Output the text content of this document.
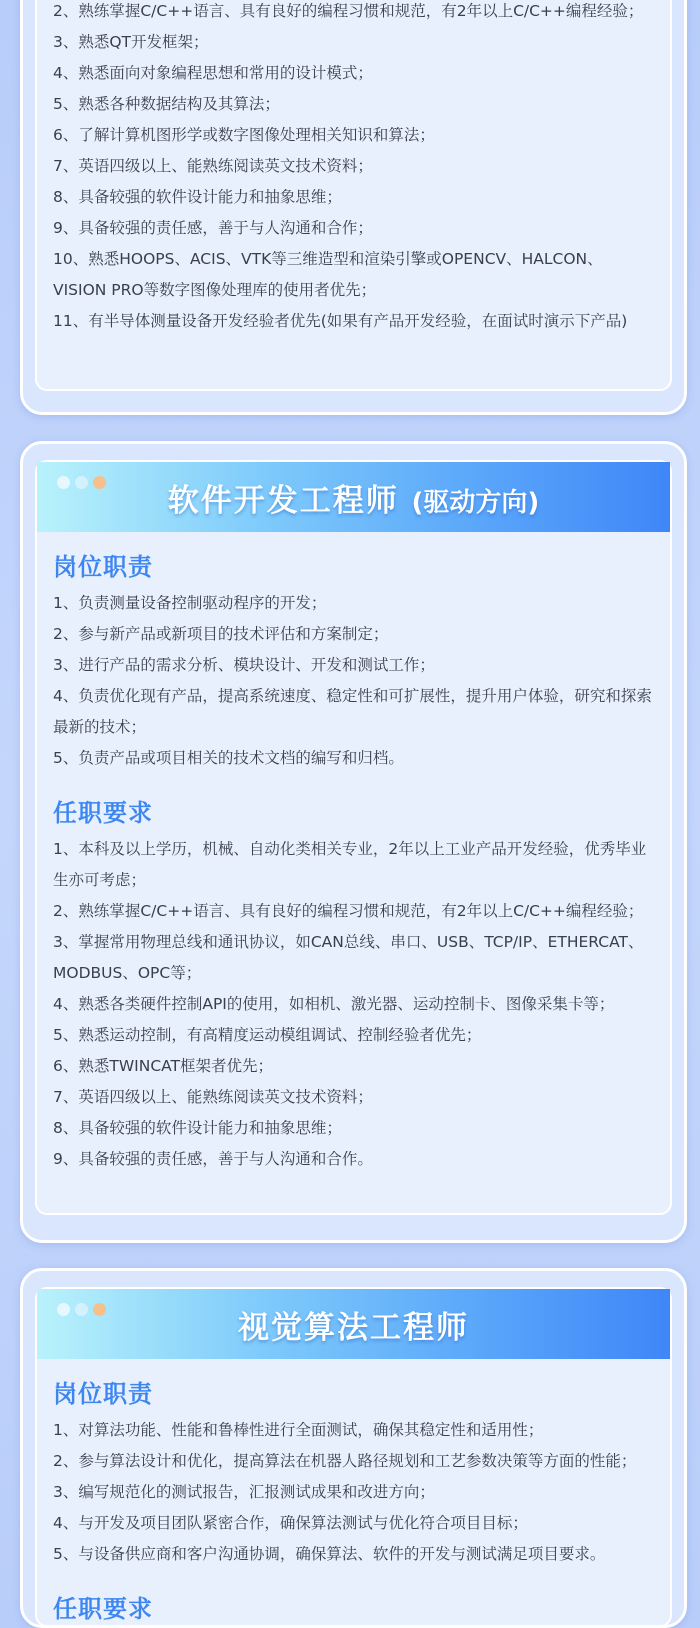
2、熟练掌握C/C++语言、具有良好的编程习惯和规范，有2年以上C/C++编程经验；
3、熟悉QT开发框架；
4、熟悉面向对象编程思想和常用的设计模式；
5、熟悉各种数据结构及其算法；
6、了解计算机图形学或数字图像处理相关知识和算法；
7、英语四级以上、能熟练阅读英文技术资料；
8、具备较强的软件设计能力和抽象思维；
9、具备较强的责任感，善于与人沟通和合作；
10、熟悉HOOPS、ACIS、VTK等三维造型和渲染引擎或OPENCV、HALCON、VISION PRO等数字图像处理库的使用者优先；
11、有半导体测量设备开发经验者优先(如果有产品开发经验，在面试时演示下产品)
软件开发工程师 (驱动方向)
岗位职责
1、负责测量设备控制驱动程序的开发；
2、参与新产品或新项目的技术评估和方案制定；
3、进行产品的需求分析、模块设计、开发和测试工作；
4、负责优化现有产品，提高系统速度、稳定性和可扩展性，提升用户体验，研究和探索最新的技术；
5、负责产品或项目相关的技术文档的编写和归档。
任职要求
1、本科及以上学历，机械、自动化类相关专业，2年以上工业产品开发经验，优秀毕业生亦可考虑；
2、熟练掌握C/C++语言、具有良好的编程习惯和规范，有2年以上C/C++编程经验；
3、掌握常用物理总线和通讯协议，如CAN总线、串口、USB、TCP/IP、ETHERCAT、MODBUS、OPC等；
4、熟悉各类硬件控制API的使用，如相机、激光器、运动控制卡、图像采集卡等；
5、熟悉运动控制，有高精度运动模组调试、控制经验者优先；
6、熟悉TWINCAT框架者优先；
7、英语四级以上、能熟练阅读英文技术资料；
8、具备较强的软件设计能力和抽象思维；
9、具备较强的责任感，善于与人沟通和合作。
视觉算法工程师
岗位职责
1、对算法功能、性能和鲁棒性进行全面测试，确保其稳定性和适用性；
2、参与算法设计和优化，提高算法在机器人路径规划和工艺参数决策等方面的性能；
3、编写规范化的测试报告，汇报测试成果和改进方向；
4、与开发及项目团队紧密合作，确保算法测试与优化符合项目目标；
5、与设备供应商和客户沟通协调，确保算法、软件的开发与测试满足项目要求。
任职要求
